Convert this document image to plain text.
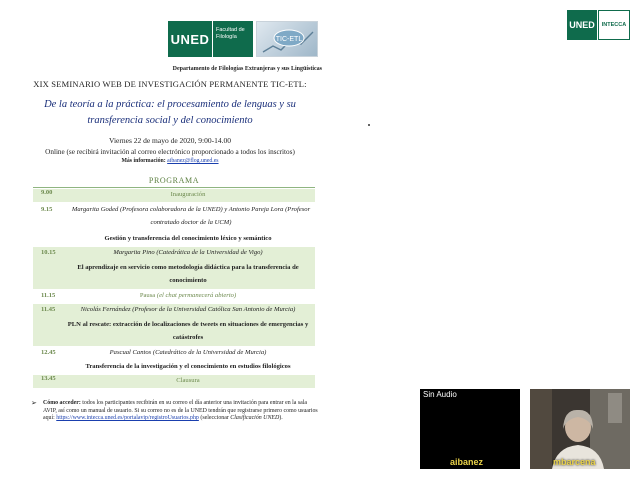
UNED
Facultad de Filología	TIC-ETL
UNED INTECCA
Departamento de Filologías Extranjeras y sus Lingüísticas
XIX SEMINARIO WEB DE INVESTIGACIÓN PERMANENTE TIC-ETL:
De la teoría a la práctica: el procesamiento de lenguas y su transferencia social y del conocimiento
Viernes 22 de mayo de 2020, 9:00-14.00
Online (se recibirá invitación al correo electrónico proporcionado a todos los inscritos)
Más información: aibanez@flog.uned.es
PROGRAMA
9.00	Inauguración
9.15	Margarita Goded (Profesora colaboradora de la UNED) y Antonio Pareja Lora (Profesor contratado doctor de la UCM)
Gestión y transferencia del conocimiento léxico y semántico
10.15	Margarita Pino (Catedrática de la Universidad de Vigo)
El aprendizaje en servicio como metodología didáctica para la transferencia de conocimiento
11.15	Pausa (el chat permanecerá abierto)
11.45	Nicolás Fernández (Profesor de la Universidad Católica San Antonio de Murcia)
PLN al rescate: extracción de localizaciones de tweets en situaciones de emergencias y catástrofes
12.45	Pascual Cantos (Catedrático de la Universidad de Murcia)
Transferencia de la investigación y el conocimiento en estudios filológicos
13.45	Clausura
➢ Cómo acceder: todos los participantes recibirán en su correo el día anterior una invitación para entrar en la sala AVIP, así como un manual de usuario. Si su correo no es de la UNED tendrán que registrarse primero como usuarios aquí: https://www.intecca.uned.es/portalavip/registroUsuarios.php (seleccionar Clasificación UNED).
Sin Audio
aibanez	mbarcena
